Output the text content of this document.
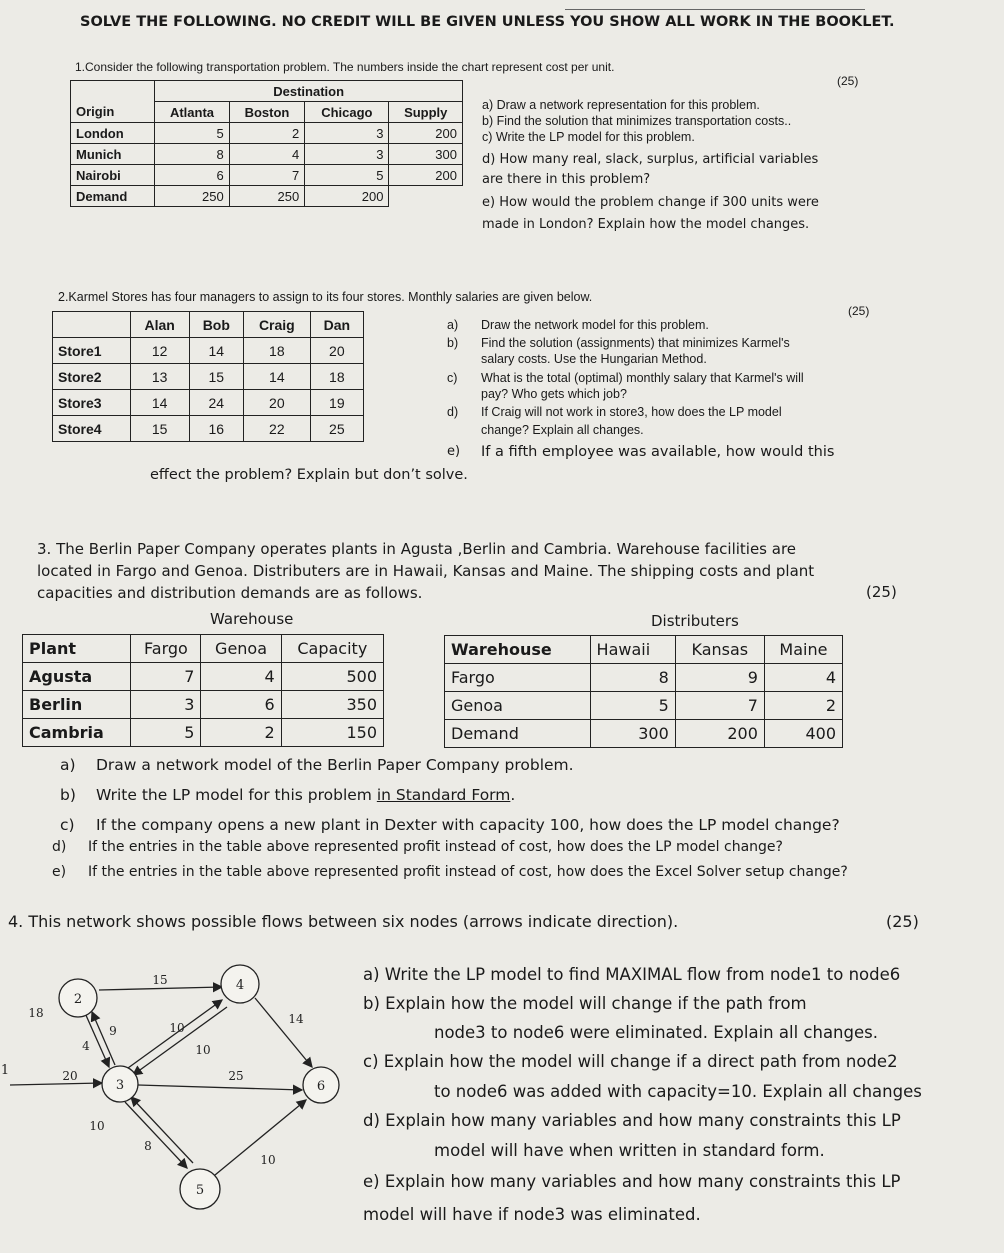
SOLVE THE FOLLOWING. NO CREDIT WILL BE GIVEN UNLESS YOU SHOW ALL WORK IN THE BOOKLET.
1.Consider the following transportation problem. The numbers inside the chart represent cost per unit.
(25)
	Destination			
Origin	Atlanta	Boston	Chicago	Supply
London	5	2	3	200
Munich	8	4	3	300
Nairobi	6	7	5	200
Demand	250	250	200	
a) Draw a network representation for this problem.
b) Find the solution that minimizes transportation costs..
c) Write the LP model for this problem.
d) How many real, slack, surplus, artificial variables
are there in this problem?
e) How would the problem change if 300 units were
made in London? Explain how the model changes.
2.Karmel Stores has four managers to assign to its four stores. Monthly salaries are given below.
(25)
	Alan	Bob	Craig	Dan
Store1	12	14	18	20
Store2	13	15	14	18
Store3	14	24	20	19
Store4	15	16	22	25
a) Draw the network model for this problem.
b) Find the solution (assignments) that minimizes Karmel's
salary costs. Use the Hungarian Method.
c) What is the total (optimal) monthly salary that Karmel's will
pay? Who gets which job?
d) If Craig will not work in store3, how does the LP model
change? Explain all changes.
e) If a fifth employee was available, how would this
effect the problem? Explain but don’t solve.
3. The Berlin Paper Company operates plants in Agusta ,Berlin and Cambria. Warehouse facilities are
located in Fargo and Genoa. Distributers are in Hawaii, Kansas and Maine. The shipping costs and plant
capacities and distribution demands are as follows.	(25)
Warehouse	Distributers
Plant	Fargo	Genoa	Capacity
Agusta	7	4	500
Berlin	3	6	350
Cambria	5	2	150
Warehouse	Hawaii	Kansas	Maine
Fargo	8	9	4
Genoa	5	7	2
Demand	300	200	400
a) Draw a network model of the Berlin Paper Company problem.
b) Write the LP model for this problem in Standard Form.
c) If the company opens a new plant in Dexter with capacity 100, how does the LP model change?
d) If the entries in the table above represented profit instead of cost, how does the LP model change?
e) If the entries in the table above represented profit instead of cost, how does the Excel Solver setup change?
4. This network shows possible flows between six nodes (arrows indicate direction).	(25)
1
2
3
4
5
6
18
20
9
4
15
10
10
25
14
10
8
10
a) Write the LP model to find MAXIMAL flow from node1 to node6
b) Explain how the model will change if the path from
node3 to node6 were eliminated. Explain all changes.
c) Explain how the model will change if a direct path from node2
to node6 was added with capacity=10. Explain all changes
d) Explain how many variables and how many constraints this LP
model will have when written in standard form.
e) Explain how many variables and how many constraints this LP
model will have if node3 was eliminated.
